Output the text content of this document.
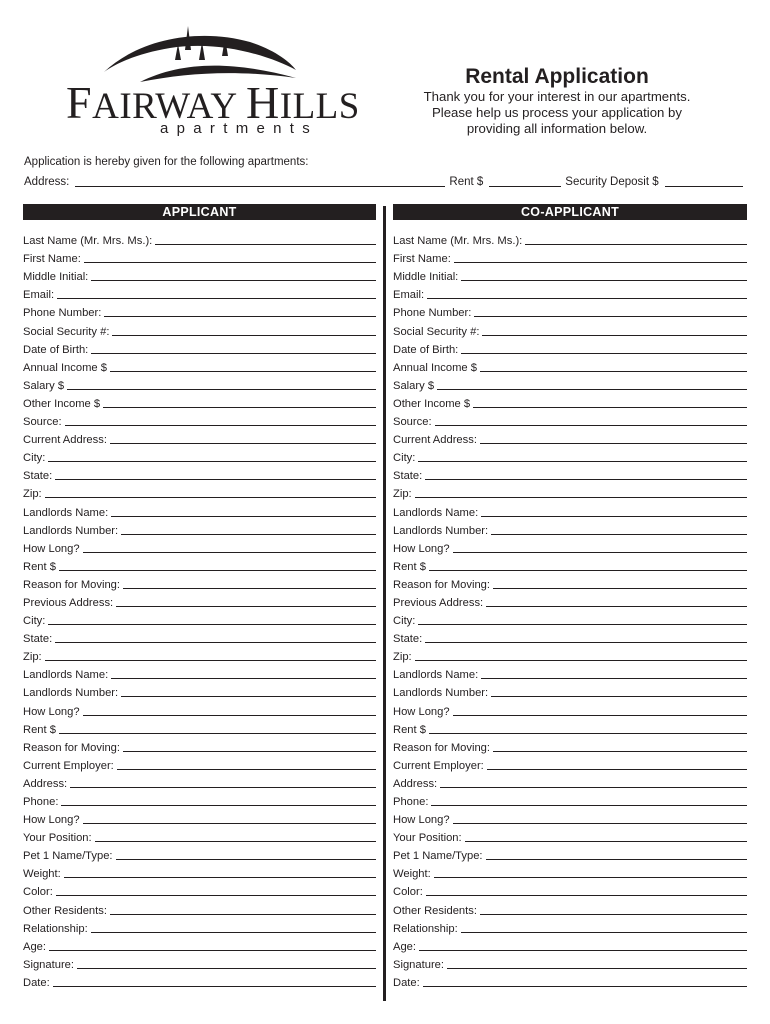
FAIRWAY HILLS
apartments
Rental Application
Thank you for your interest in our apartments.
Please help us process your application by
providing all information below.
Application is hereby given for the following apartments:
Address:	Rent $	Security Deposit $
APPLICANT
Last Name (Mr. Mrs. Ms.):
First Name:
Middle Initial:
Email:
Phone Number:
Social Security #:
Date of Birth:
Annual Income $
Salary $
Other Income $
Source:
Current Address:
City:
State:
Zip:
Landlords Name:
Landlords Number:
How Long?
Rent $
Reason for Moving:
Previous Address:
City:
State:
Zip:
Landlords Name:
Landlords Number:
How Long?
Rent $
Reason for Moving:
Current Employer:
Address:
Phone:
How Long?
Your Position:
Pet 1 Name/Type:
Weight:
Color:
Other Residents:
Relationship:
Age:
Signature:
Date:
CO-APPLICANT
Last Name (Mr. Mrs. Ms.):
First Name:
Middle Initial:
Email:
Phone Number:
Social Security #:
Date of Birth:
Annual Income $
Salary $
Other Income $
Source:
Current Address:
City:
State:
Zip:
Landlords Name:
Landlords Number:
How Long?
Rent $
Reason for Moving:
Previous Address:
City:
State:
Zip:
Landlords Name:
Landlords Number:
How Long?
Rent $
Reason for Moving:
Current Employer:
Address:
Phone:
How Long?
Your Position:
Pet 1 Name/Type:
Weight:
Color:
Other Residents:
Relationship:
Age:
Signature:
Date:
